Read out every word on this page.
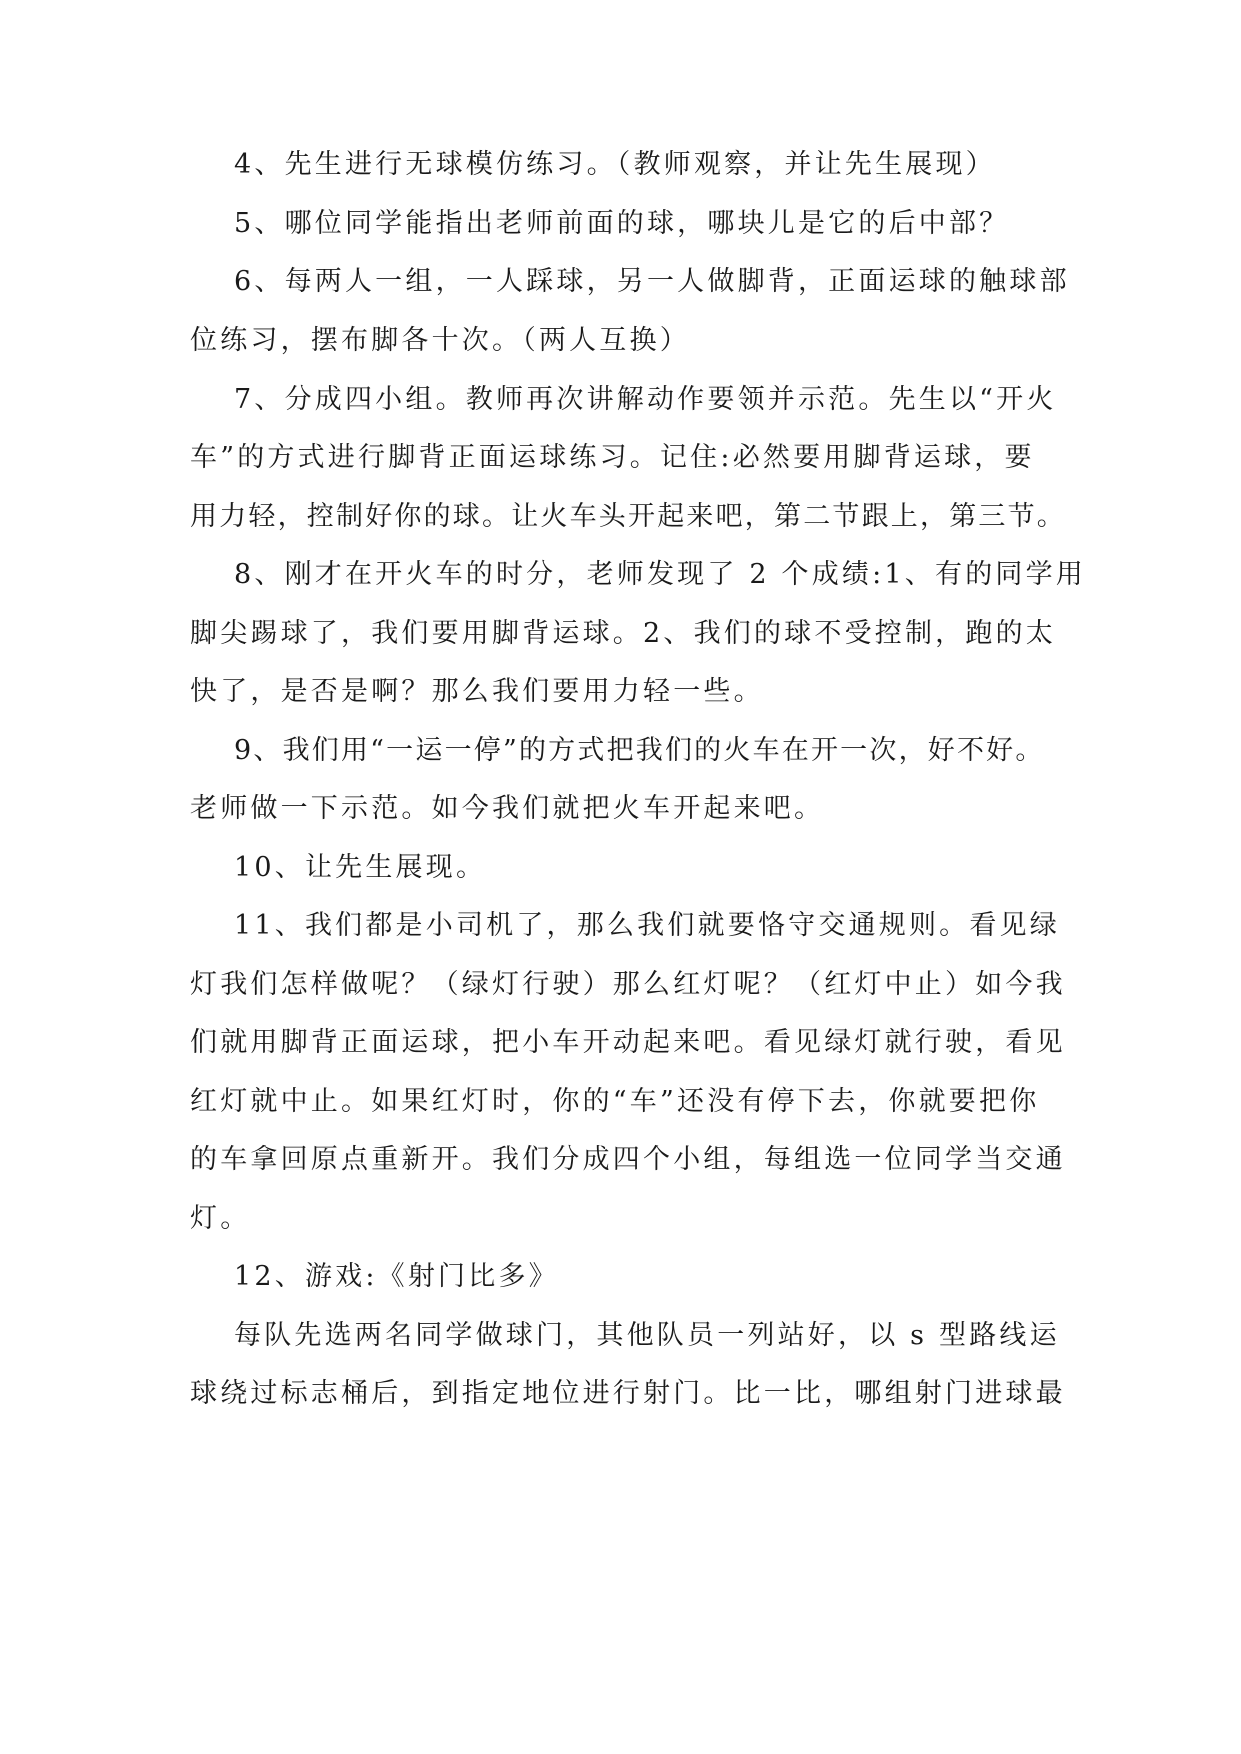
4、先生进行无球模仿练习。（教师观察，并让先生展现）
5、哪位同学能指出老师前面的球，哪块儿是它的后中部？
6、每两人一组，一人踩球，另一人做脚背，正面运球的触球部
位练习，摆布脚各十次。（两人互换）
7、分成四小组。教师再次讲解动作要领并示范。先生以“开火
车”的方式进行脚背正面运球练习。记住:必然要用脚背运球，要
用力轻，控制好你的球。让火车头开起来吧，第二节跟上，第三节。
8、刚才在开火车的时分，老师发现了 2 个成绩:1、有的同学用
脚尖踢球了，我们要用脚背运球。2、我们的球不受控制，跑的太
快了，是否是啊？那么我们要用力轻一些。
9、我们用“一运一停”的方式把我们的火车在开一次，好不好。
老师做一下示范。如今我们就把火车开起来吧。
10、让先生展现。
11、我们都是小司机了，那么我们就要恪守交通规则。看见绿
灯我们怎样做呢？（绿灯行驶）那么红灯呢？（红灯中止）如今我
们就用脚背正面运球，把小车开动起来吧。看见绿灯就行驶，看见
红灯就中止。如果红灯时，你的“车”还没有停下去，你就要把你
的车拿回原点重新开。我们分成四个小组，每组选一位同学当交通
灯。
12、游戏:《射门比多》
每队先选两名同学做球门，其他队员一列站好，以 s 型路线运
球绕过标志桶后，到指定地位进行射门。比一比，哪组射门进球最
